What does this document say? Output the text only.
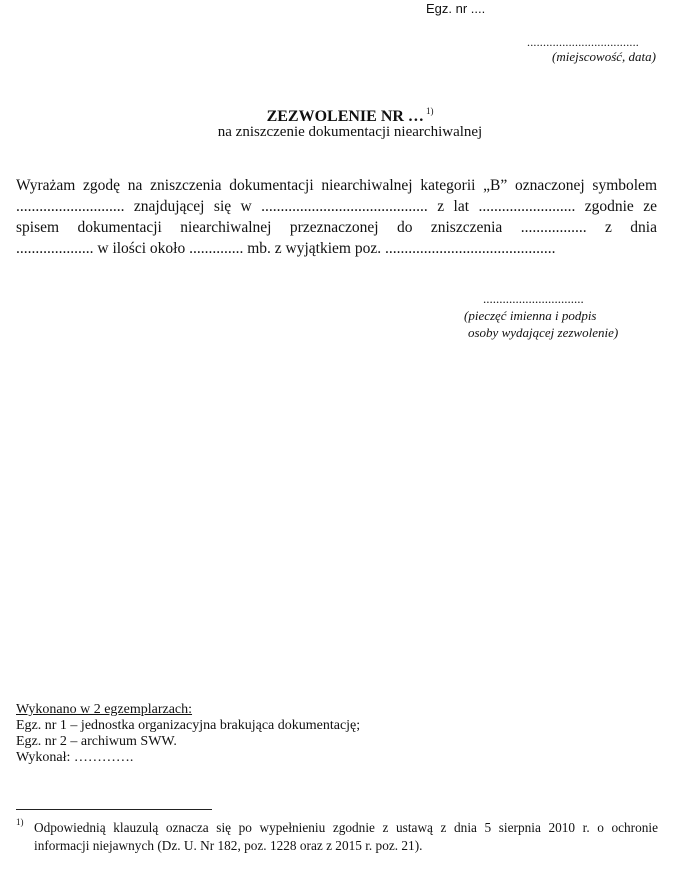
Egz. nr ....
...................................
(miejscowość, data)
ZEZWOLENIE NR … $^{1)}$
na zniszczenie dokumentacji niearchiwalnej
Wyrażam zgodę na zniszczenia dokumentacji niearchiwalnej kategorii „B” oznaczonej symbolem
............................ znajdującej się w ........................................... z lat ......................... zgodnie ze
spisem dokumentacji niearchiwalnej przeznaczonej do zniszczenia ................. z dnia
.................... w ilości około .............. mb. z wyjątkiem poz. ............................................
...............................
(pieczęć imienna i podpis
osoby wydającej zezwolenie)
Wykonano w 2 egzemplarzach:
Egz. nr 1 – jednostka organizacyjna brakująca dokumentację;
Egz. nr 2 – archiwum SWW.
Wykonał: ………….
1) Odpowiednią klauzulą oznacza się po wypełnieniu zgodnie z ustawą z dnia 5 sierpnia 2010 r. o ochronie
informacji niejawnych (Dz. U. Nr 182, poz. 1228 oraz z 2015 r. poz. 21).
